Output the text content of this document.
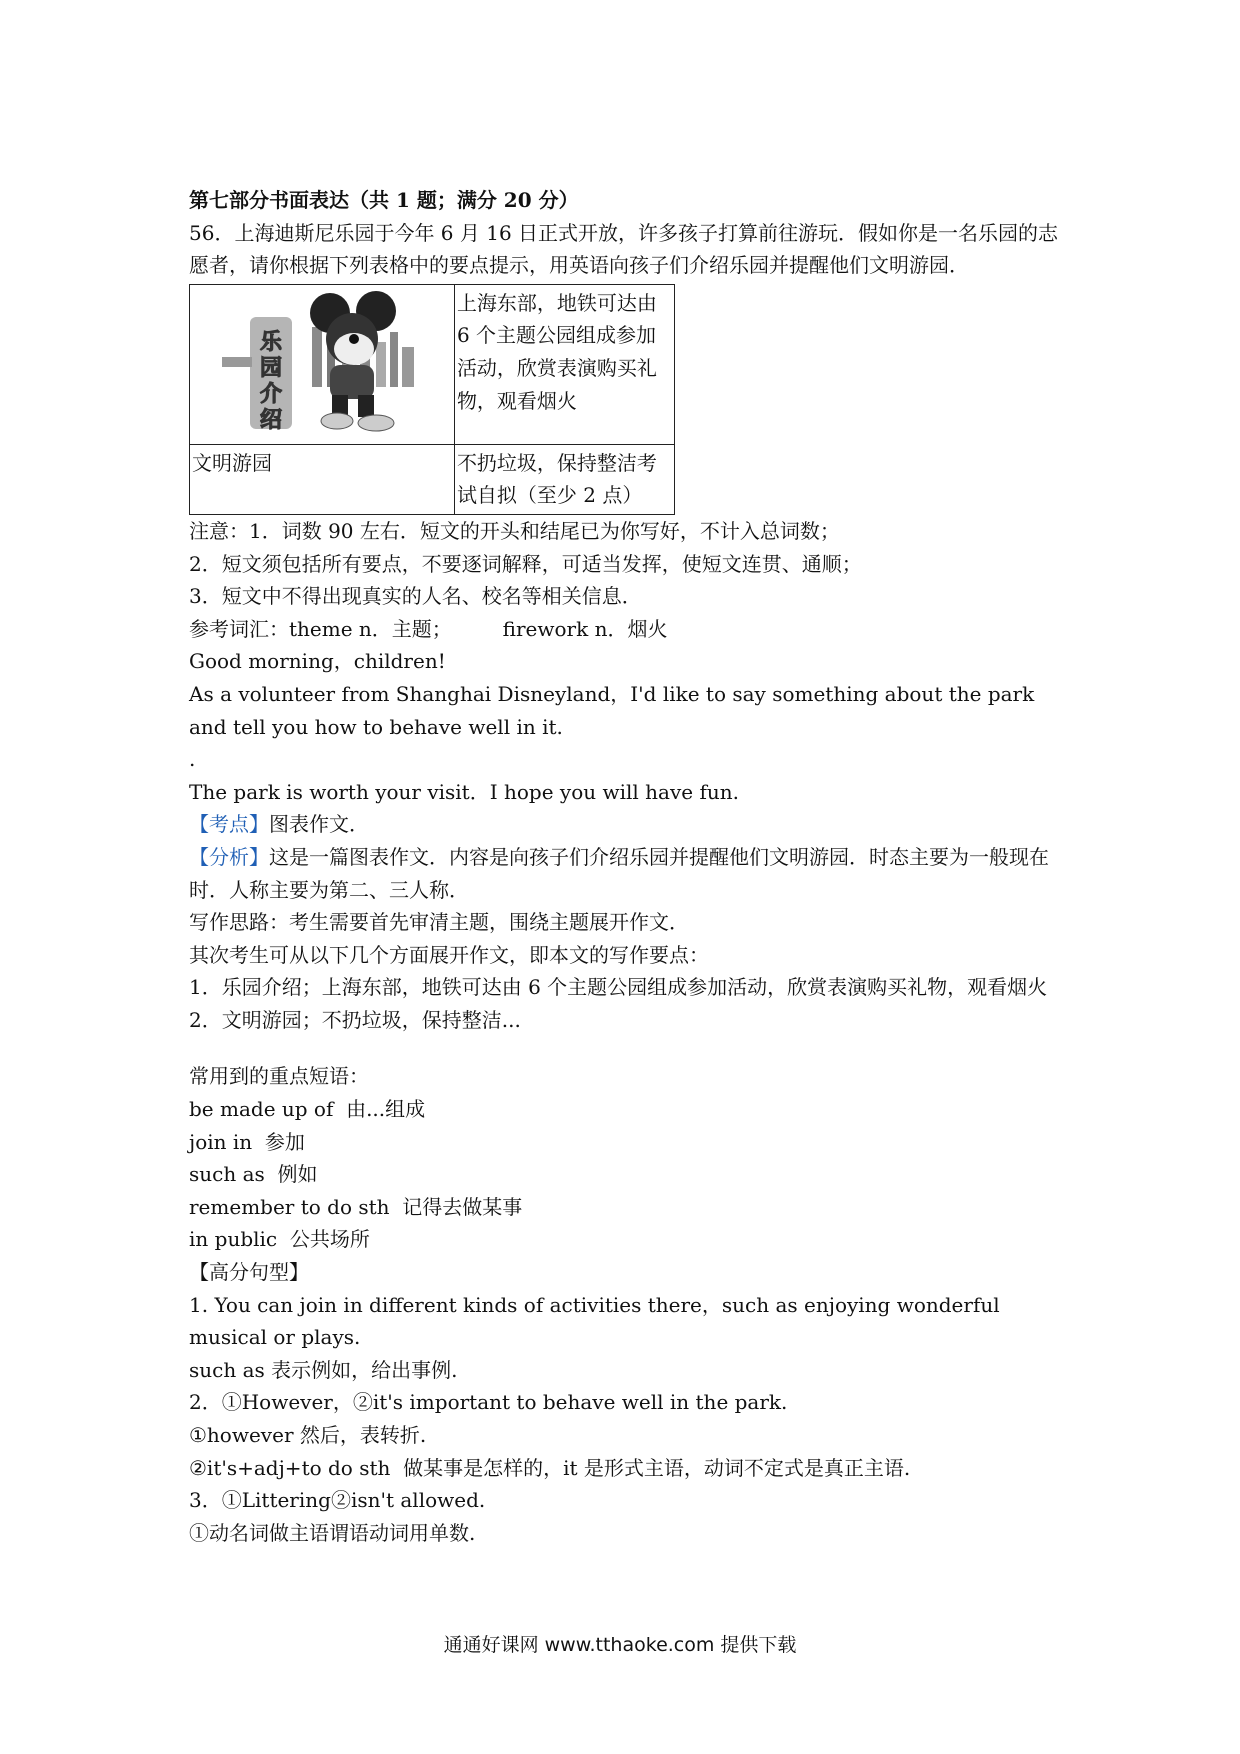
第七部分书面表达（共 1 题；满分 20 分）

56．上海迪斯尼乐园于今年 6 月 16 日正式开放，许多孩子打算前往游玩．假如你是一名乐园的志愿者，请你根据下列表格中的要点提示，用英语向孩子们介绍乐园并提醒他们文明游园．

乐
园
介
绍	上海东部，地铁可达由 6 个主题公园组成参加活动，欣赏表演购买礼物，观看烟火
文明游园	不扔垃圾，保持整洁考试自拟（至少 2 点）

注意：1．词数 90 左右．短文的开头和结尾已为你写好，不计入总词数；

2．短文须包括所有要点，不要逐词解释，可适当发挥，使短文连贯、通顺；

3．短文中不得出现真实的人名、校名等相关信息．

参考词汇：theme n．主题；        firework n．烟火

Good morning，children!

As a volunteer from Shanghai Disneyland，I'd like to say something about the park and tell you how to behave well in it.

.

The park is worth your visit．I hope you will have fun.

【考点】图表作文．

【分析】这是一篇图表作文．内容是向孩子们介绍乐园并提醒他们文明游园．时态主要为一般现在时．人称主要为第二、三人称．

写作思路：考生需要首先审清主题，围绕主题展开作文．

其次考生可从以下几个方面展开作文，即本文的写作要点：

1．乐园介绍；上海东部，地铁可达由 6 个主题公园组成参加活动，欣赏表演购买礼物，观看烟火

2．文明游园；不扔垃圾，保持整洁...

常用到的重点短语：

be made up of  由...组成

join in  参加

such as  例如

remember to do sth  记得去做某事

in public  公共场所

【高分句型】

1. You can join in different kinds of activities there，such as enjoying wonderful musical or plays.

such as 表示例如，给出事例.

2．①However，②it's important to behave well in the park.

①however 然后，表转折.

②it's+adj+to do sth  做某事是怎样的，it 是形式主语，动词不定式是真正主语.

3．①Littering②isn't allowed.

①动名词做主语谓语动词用单数.

通通好课网 www.tthaoke.com 提供下载
